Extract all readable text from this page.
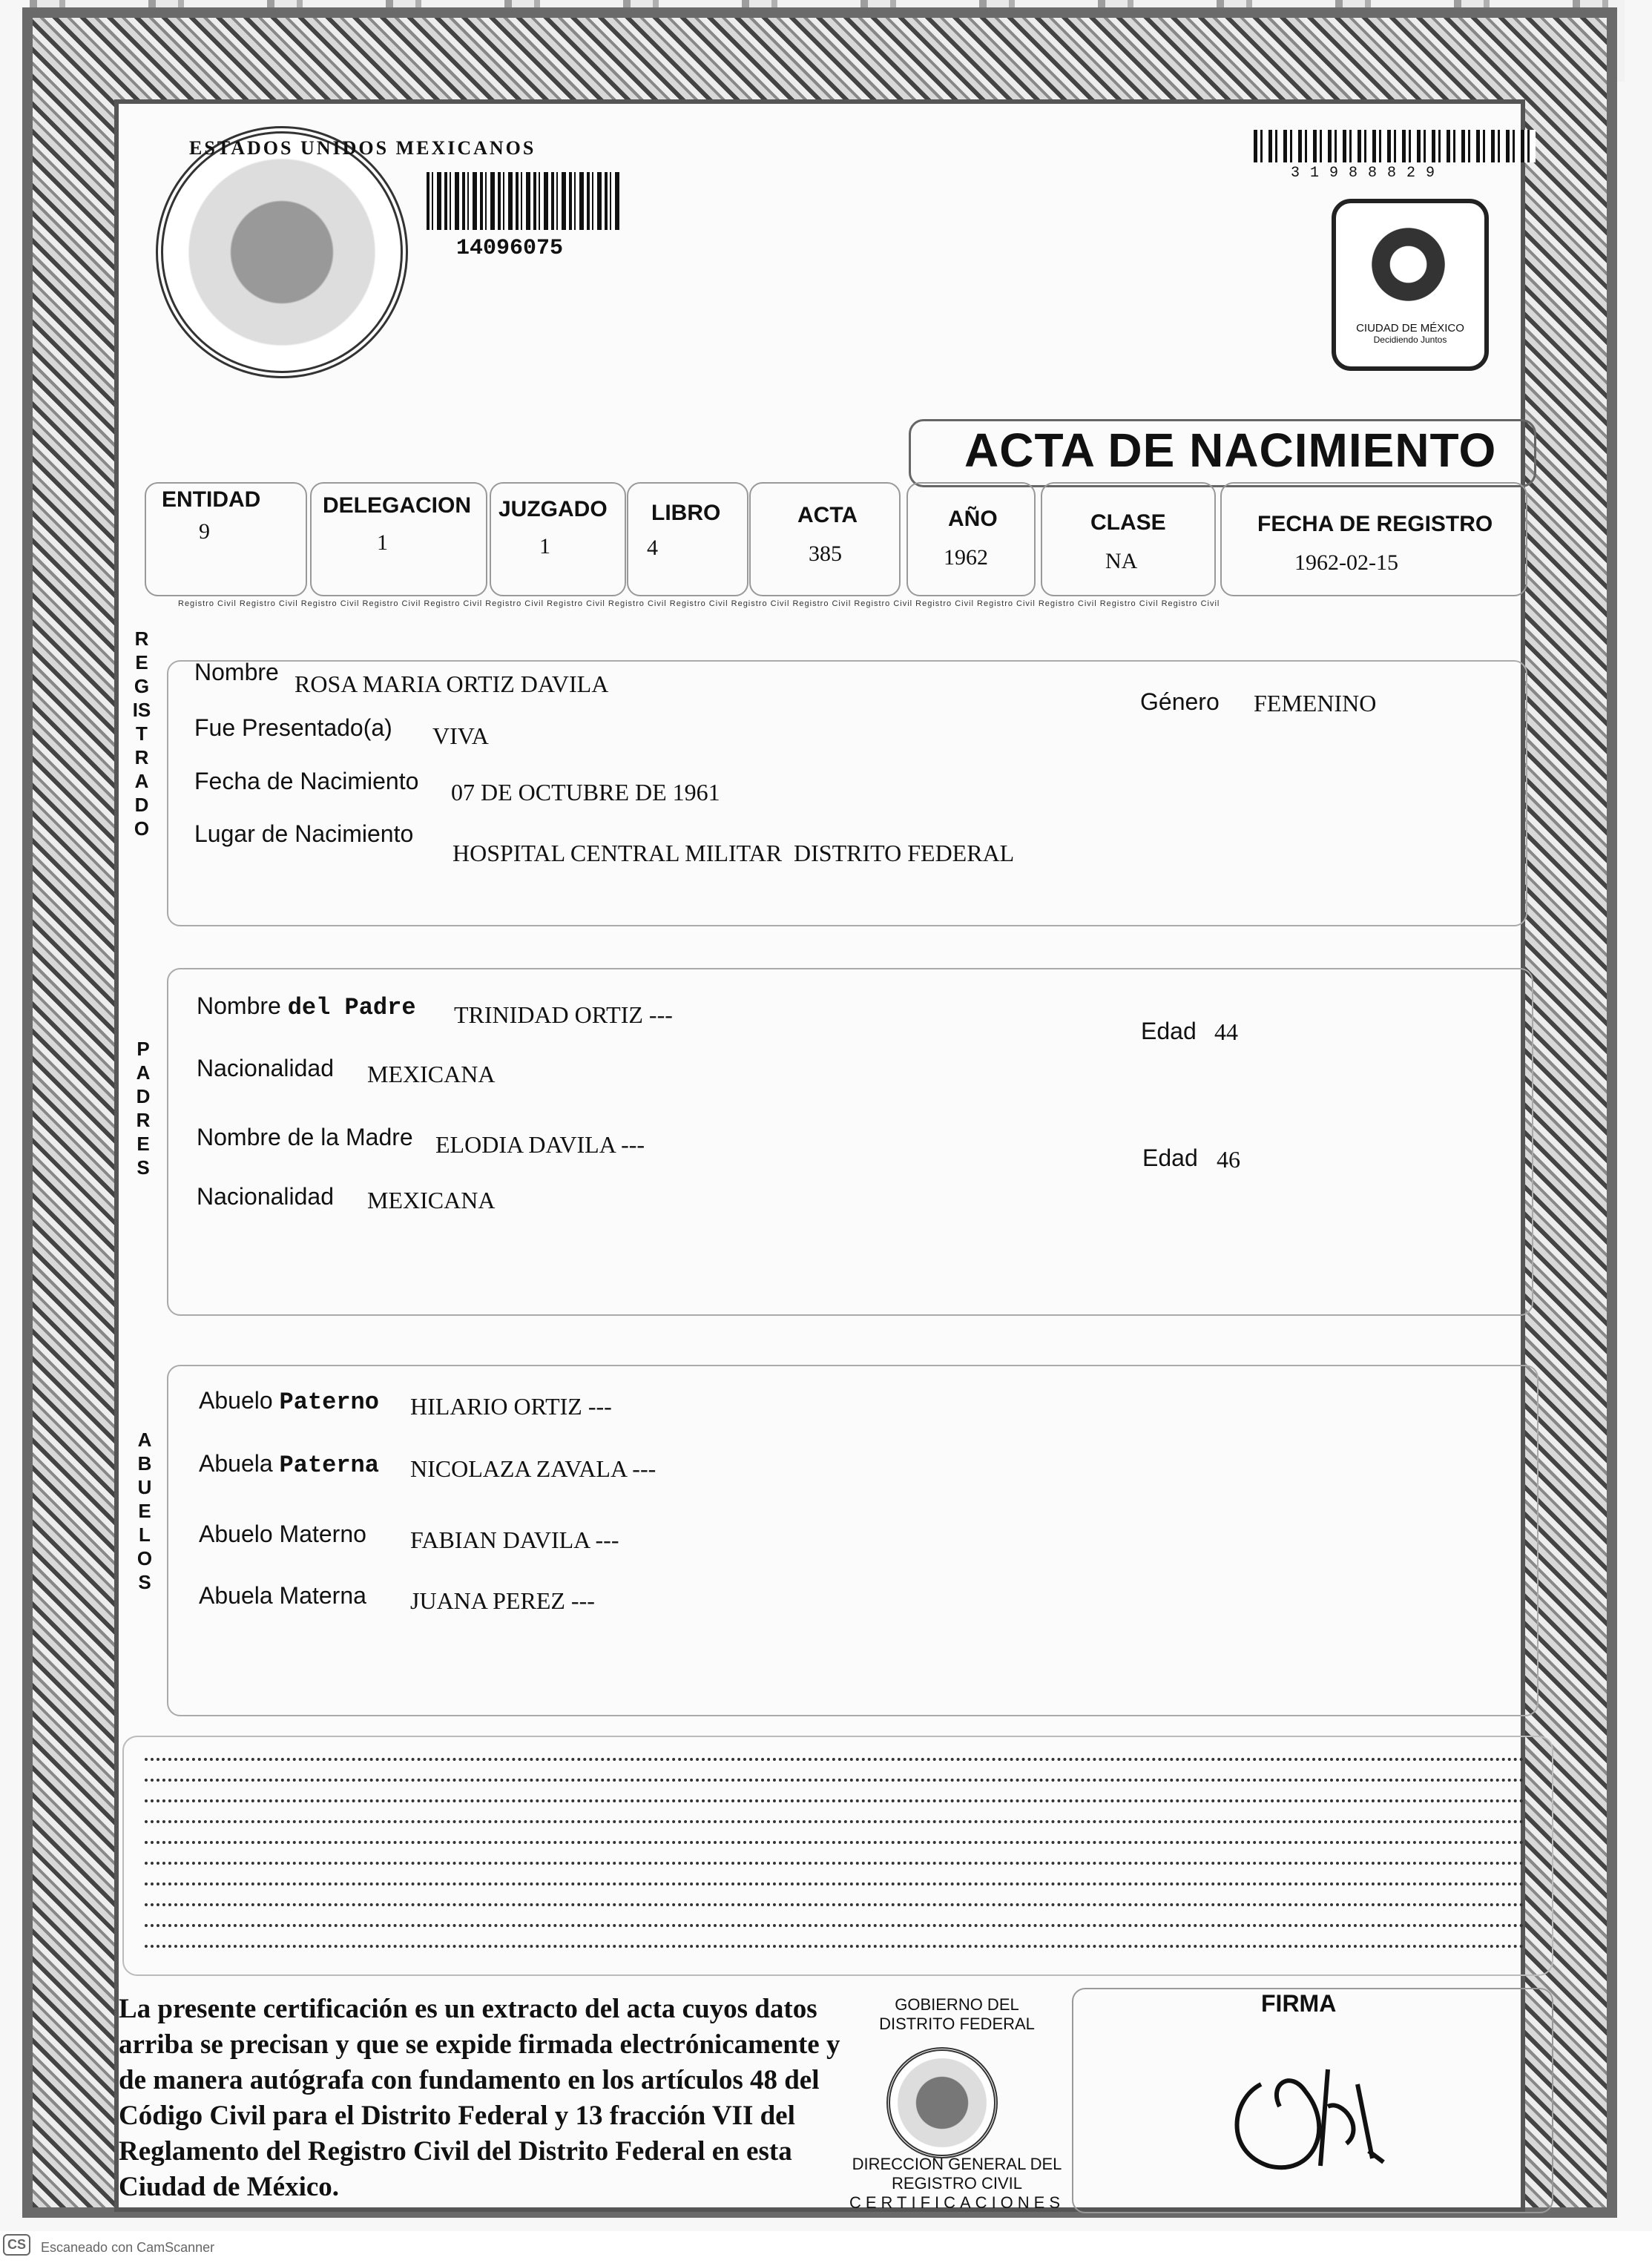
ESTADOS UNIDOS MEXICANOS
14096075
31988829
CIUDAD DE MÉXICO
Decidiendo Juntos
ACTA DE NACIMIENTO
ENTIDAD
9
DELEGACION
1
JUZGADO
1
LIBRO
4
ACTA
385
AÑO
1962
CLASE
NA
FECHA DE REGISTRO
1962-02-15
Registro Civil Registro Civil Registro Civil Registro Civil Registro Civil Registro Civil Registro Civil Registro Civil Registro Civil Registro Civil Registro Civil Registro Civil Registro Civil Registro Civil Registro Civil Registro Civil Registro Civil
REGISTRADO
Nombre ROSA MARIA ORTIZ DAVILA
Género FEMENINO
Fue Presentado(a) VIVA
Fecha de Nacimiento 07 DE OCTUBRE DE 1961
Lugar de Nacimiento
HOSPITAL CENTRAL MILITAR  DISTRITO FEDERAL
PADRES
Nombre del Padre TRINIDAD ORTIZ ---
Edad 44
Nacionalidad MEXICANA
Nombre de la Madre ELODIA DAVILA ---	Edad 46
Nacionalidad MEXICANA
ABUELOS
Abuelo Paterno HILARIO ORTIZ ---
Abuela Paterna NICOLAZA ZAVALA ---
Abuelo Materno FABIAN DAVILA ---
Abuela Materna JUANA PEREZ ---
La presente certificación es un extracto del acta cuyos datos arriba se precisan y que se expide firmada electrónicamente y de manera autógrafa con fundamento en los artículos 48 del Código Civil para el Distrito Federal y 13 fracción VII del Reglamento del Registro Civil del Distrito Federal en esta Ciudad de México.
GOBIERNO DEL
DISTRITO FEDERAL
DIRECCION GENERAL DEL
REGISTRO CIVIL
CERTIFICACIONES
FIRMA
CS	Escaneado con CamScanner
